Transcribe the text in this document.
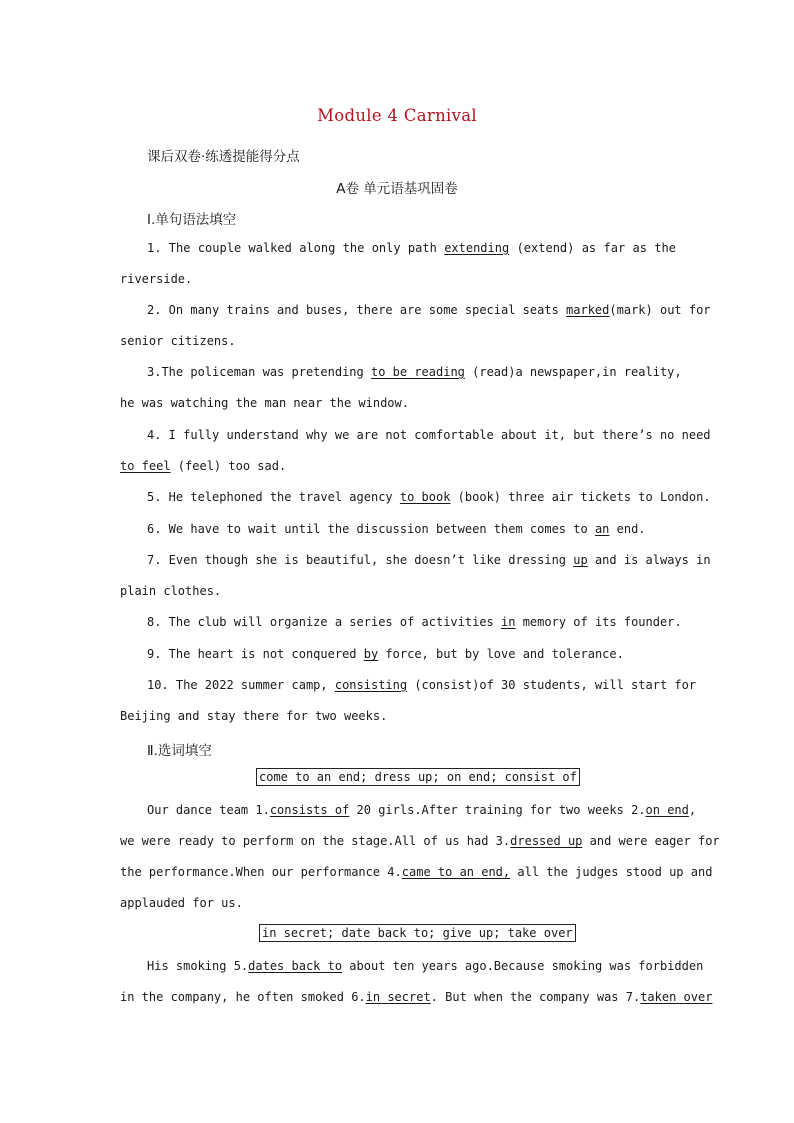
Module 4 Carnival
课后双卷·练透提能得分点
A卷 单元语基巩固卷
Ⅰ.单句语法填空
1. The couple walked along the only path extending (extend) as far as the
riverside.
2. On many trains and buses, there are some special seats marked(mark) out for
senior citizens.
3.The policeman was pretending to be reading (read)a newspaper,in reality,
he was watching the man near the window.
4. I fully understand why we are not comfortable about it, but there’s no need
to feel (feel) too sad.
5. He telephoned the travel agency to book (book) three air tickets to London.
6. We have to wait until the discussion between them comes to an end.
7. Even though she is beautiful, she doesn’t like dressing up and is always in
plain clothes.
8. The club will organize a series of activities in memory of its founder.
9. The heart is not conquered by force, but by love and tolerance.
10. The 2022 summer camp, consisting (consist)of 30 students, will start for
Beijing and stay there for two weeks.
Ⅱ.选词填空
come to an end; dress up; on end; consist of
Our dance team 1.consists of 20 girls.After training for two weeks 2.on end,
we were ready to perform on the stage.All of us had 3.dressed up and were eager for
the performance.When our performance 4.came to an end, all the judges stood up and
applauded for us.
in secret; date back to; give up; take over
His smoking 5.dates back to about ten years ago.Because smoking was forbidden
in the company, he often smoked 6.in secret. But when the company was 7.taken over
